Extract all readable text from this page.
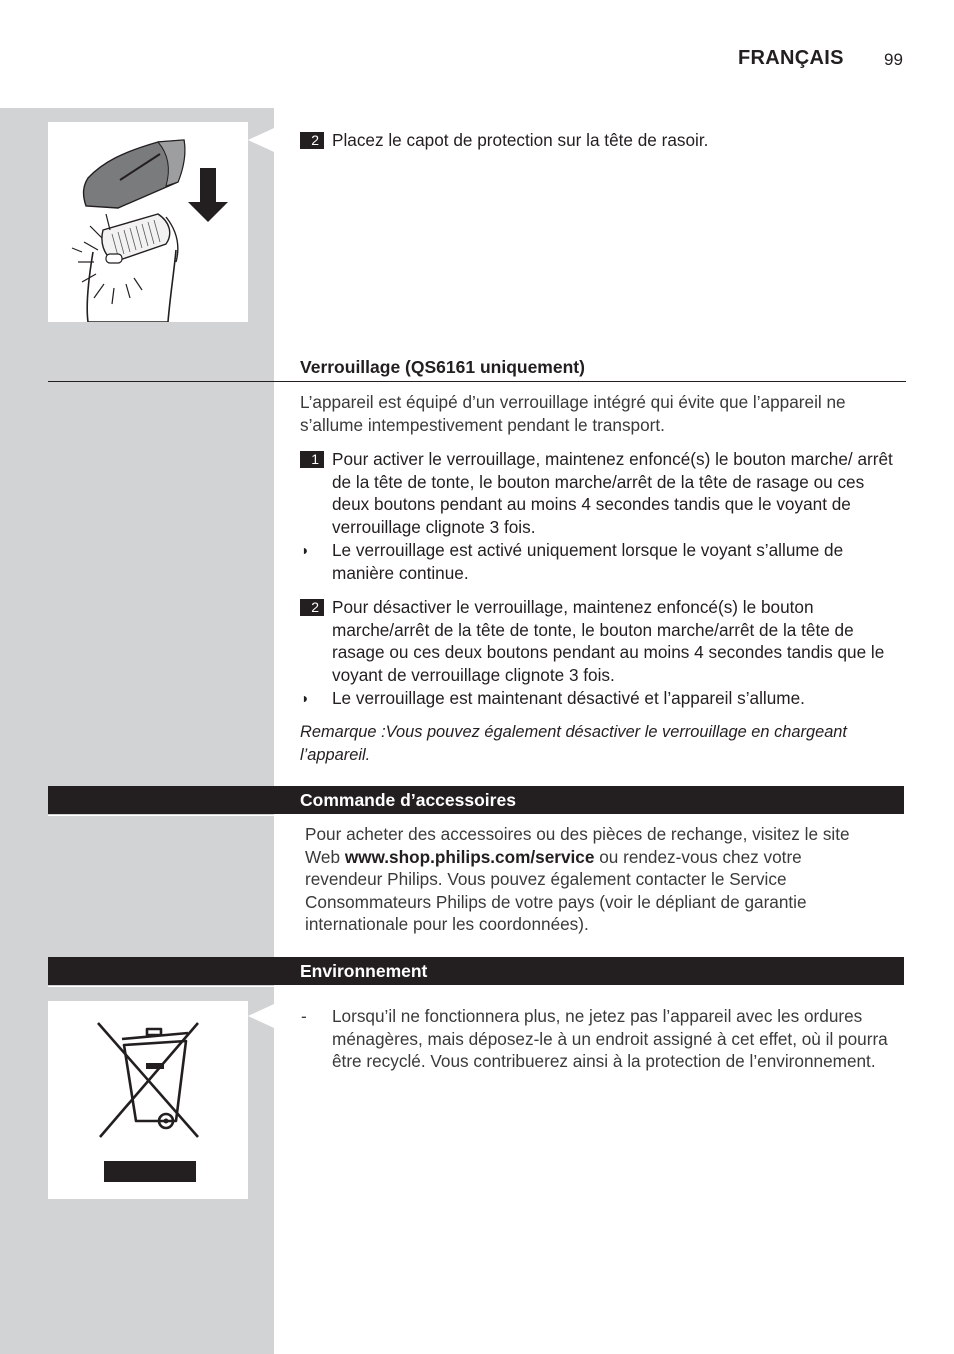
FRANÇAIS 99
2 Placez le capot de protection sur la tête de rasoir.
Verrouillage (QS6161 uniquement)
L’appareil est équipé d’un verrouillage intégré qui évite que l’appareil ne s’allume intempestivement pendant le transport.
1 Pour activer le verrouillage, maintenez enfoncé(s) le bouton marche/ arrêt de la tête de tonte, le bouton marche/arrêt de la tête de rasage ou ces deux boutons pendant au moins 4 secondes tandis que le voyant de verrouillage clignote 3 fois.
◗ Le verrouillage est activé uniquement lorsque le voyant s’allume de manière continue.
2 Pour désactiver le verrouillage, maintenez enfoncé(s) le bouton marche/arrêt de la tête de tonte, le bouton marche/arrêt de la tête de rasage ou ces deux boutons pendant au moins 4 secondes tandis que le voyant de verrouillage clignote 3 fois.
◗ Le verrouillage est maintenant désactivé et l’appareil s’allume.
Remarque :Vous pouvez également désactiver le verrouillage en chargeant l’appareil.
Commande d’accessoires
Pour acheter des accessoires ou des pièces de rechange, visitez le site Web www.shop.philips.com/service ou rendez-vous chez votre revendeur Philips. Vous pouvez également contacter le Service Consommateurs Philips de votre pays (voir le dépliant de garantie internationale pour les coordonnées).
Environnement
- Lorsqu’il ne fonctionnera plus, ne jetez pas l’appareil avec les ordures ménagères, mais déposez-le à un endroit assigné à cet effet, où il pourra être recyclé. Vous contribuerez ainsi à la protection de l’environnement.
